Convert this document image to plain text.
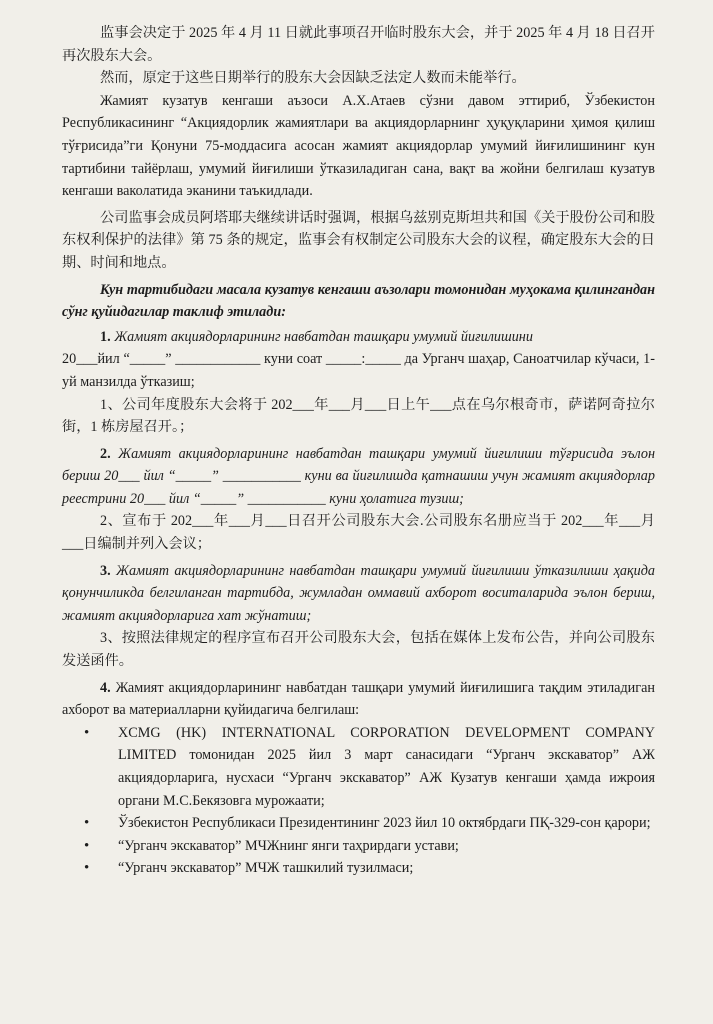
监事会决定于 2025 年 4 月 11 日就此事项召开临时股东大会，并于 2025 年 4 月 18 日召开再次股东大会。

然而，原定于这些日期举行的股东大会因缺乏法定人数而未能举行。

Жамият кузатув кенгаши аъзоси А.Х.Атаев сўзни давом эттириб, Ўзбекистон Республикасининг “Акциядорлик жамиятлари ва акциядорларнинг ҳуқуқларини ҳимоя қилиш тўғрисида”ги Қонуни 75-моддасига асосан жамият акциядорлар умумий йиғилишининг кун тартибини тайёрлаш, умумий йиғилиши ўтказиладиган сана, вақт ва жойни белгилаш кузатув кенгаши ваколатида эканини таъкидлади.

公司监事会成员阿塔耶夫继续讲话时强调，根据乌兹别克斯坦共和国《关于股份公司和股东权利保护的法律》第 75 条的规定，监事会有权制定公司股东大会的议程，确定股东大会的日期、时间和地点。

Кун тартибидаги масала кузатув кенгаши аъзолари томонидан муҳокама қилингандан сўнг қуйидагилар таклиф этилади:

1. Жамият акциядорларининг навбатдан ташқари умумий йиғилишини

20___йил “_____” ____________ куни соат _____:_____ да Урганч шаҳар, Саноатчилар кўчаси, 1-уй манзилда ўтказиш;

1、公司年度股东大会将于 202___年___月___日上午___点在乌尔根奇市，萨诺阿奇拉尔街，1 栋房屋召开。；

2. Жамият акциядорларининг навбатдан ташқари умумий йиғилиши тўғрисида эълон бериш 20___ йил “_____” ___________ куни ва йиғилишда қатнашиш учун жамият акциядорлар реестрини 20___ йил “_____” ___________ куни ҳолатига тузиш;

2、宣布于 202___年___月___日召开公司股东大会.公司股东名册应当于 202___年___月___日编制并列入会议；

3. Жамият акциядорларининг навбатдан ташқари умумий йиғилиши ўтказилиши ҳақида қонунчиликда белгиланган тартибда, жумладан оммавий ахборот воситаларида эълон бериш, жамият акциядорларига хат жўнатиш;

3、按照法律规定的程序宣布召开公司股东大会，包括在媒体上发布公告，并向公司股东发送函件。

4. Жамият акциядорларининг навбатдан ташқари умумий йиғилишига тақдим этиладиган ахборот ва материалларни қуйидагича белгилаш:

• XCMG (HK) INTERNATIONAL CORPORATION DEVELOPMENT COMPANY LIMITED томонидан 2025 йил 3 март санасидаги “Урганч экскаватор” АЖ акциядорларига, нусхаси “Урганч экскаватор” АЖ Кузатув кенгаши ҳамда ижроия органи М.С.Бекязовга мурожаати;
• Ўзбекистон Республикаси Президентининг 2023 йил 10 октябрдаги ПҚ-329-сон қарори;
• “Урганч экскаватор” МЧЖнинг янги таҳрирдаги устави;
• “Урганч экскаватор” МЧЖ ташкилий тузилмаси;
